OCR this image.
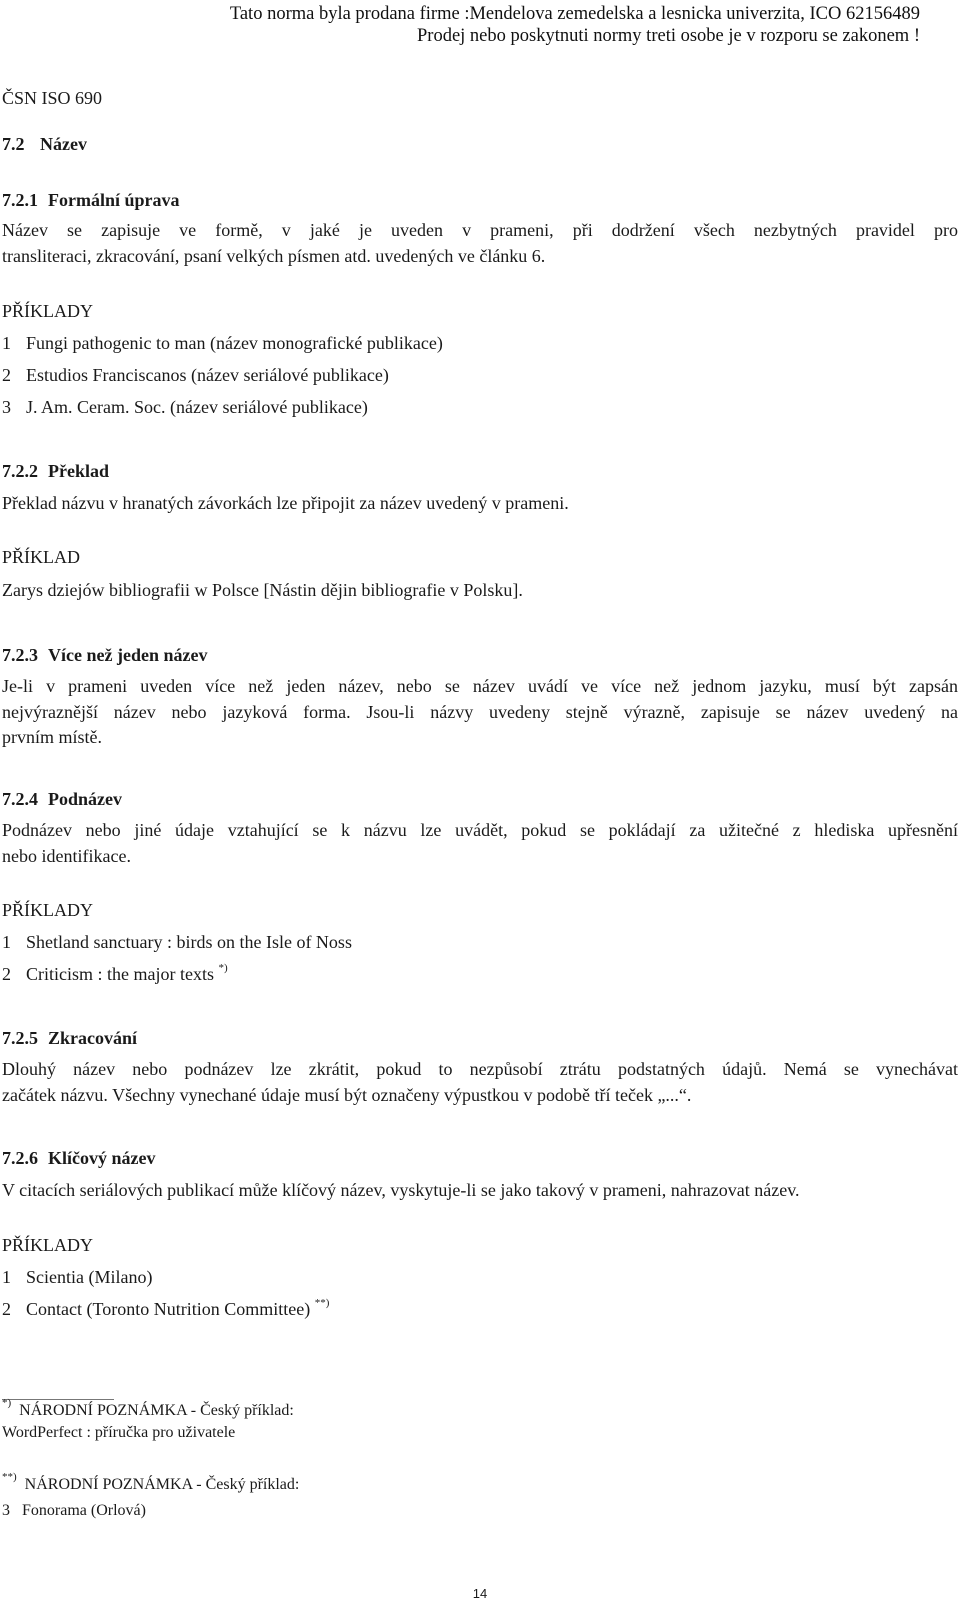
Tato norma byla prodana firme :Mendelova zemedelska a lesnicka univerzita, ICO 62156489
Prodej nebo poskytnuti normy treti osobe je v rozporu se zakonem !
ČSN ISO 690
7.2 Název
7.2.1 Formální úprava
Název se zapisuje ve formě, v jaké je uveden v prameni, při dodržení všech nezbytných pravidel pro
transliteraci, zkracování, psaní velkých písmen atd. uvedených ve článku 6.
PŘÍKLADY
1 Fungi pathogenic to man (název monografické publikace)
2 Estudios Franciscanos (název seriálové publikace)
3 J. Am. Ceram. Soc. (název seriálové publikace)
7.2.2 Překlad
Překlad názvu v hranatých závorkách lze připojit za název uvedený v prameni.
PŘÍKLAD
Zarys dziejów bibliografii w Polsce [Nástin dějin bibliografie v Polsku].
7.2.3 Více než jeden název
Je-li v prameni uveden více než jeden název, nebo se název uvádí ve více než jednom jazyku, musí být zapsán
nejvýraznější název nebo jazyková forma. Jsou-li názvy uvedeny stejně výrazně, zapisuje se název uvedený na
prvním místě.
7.2.4 Podnázev
Podnázev nebo jiné údaje vztahující se k názvu lze uvádět, pokud se pokládají za užitečné z hlediska upřesnění
nebo identifikace.
PŘÍKLADY
1 Shetland sanctuary : birds on the Isle of Noss
2 Criticism : the major texts *)
7.2.5 Zkracování
Dlouhý název nebo podnázev lze zkrátit, pokud to nezpůsobí ztrátu podstatných údajů. Nemá se vynechávat
začátek názvu. Všechny vynechané údaje musí být označeny výpustkou v podobě tří teček „...“.
7.2.6 Klíčový název
V citacích seriálových publikací může klíčový název, vyskytuje-li se jako takový v prameni, nahrazovat název.
PŘÍKLADY
1 Scientia (Milano)
2 Contact (Toronto Nutrition Committee) **)
*) NÁRODNÍ POZNÁMKA - Český příklad:
WordPerfect : příručka pro uživatele
**) NÁRODNÍ POZNÁMKA - Český příklad:
3   Fonorama (Orlová)
14
